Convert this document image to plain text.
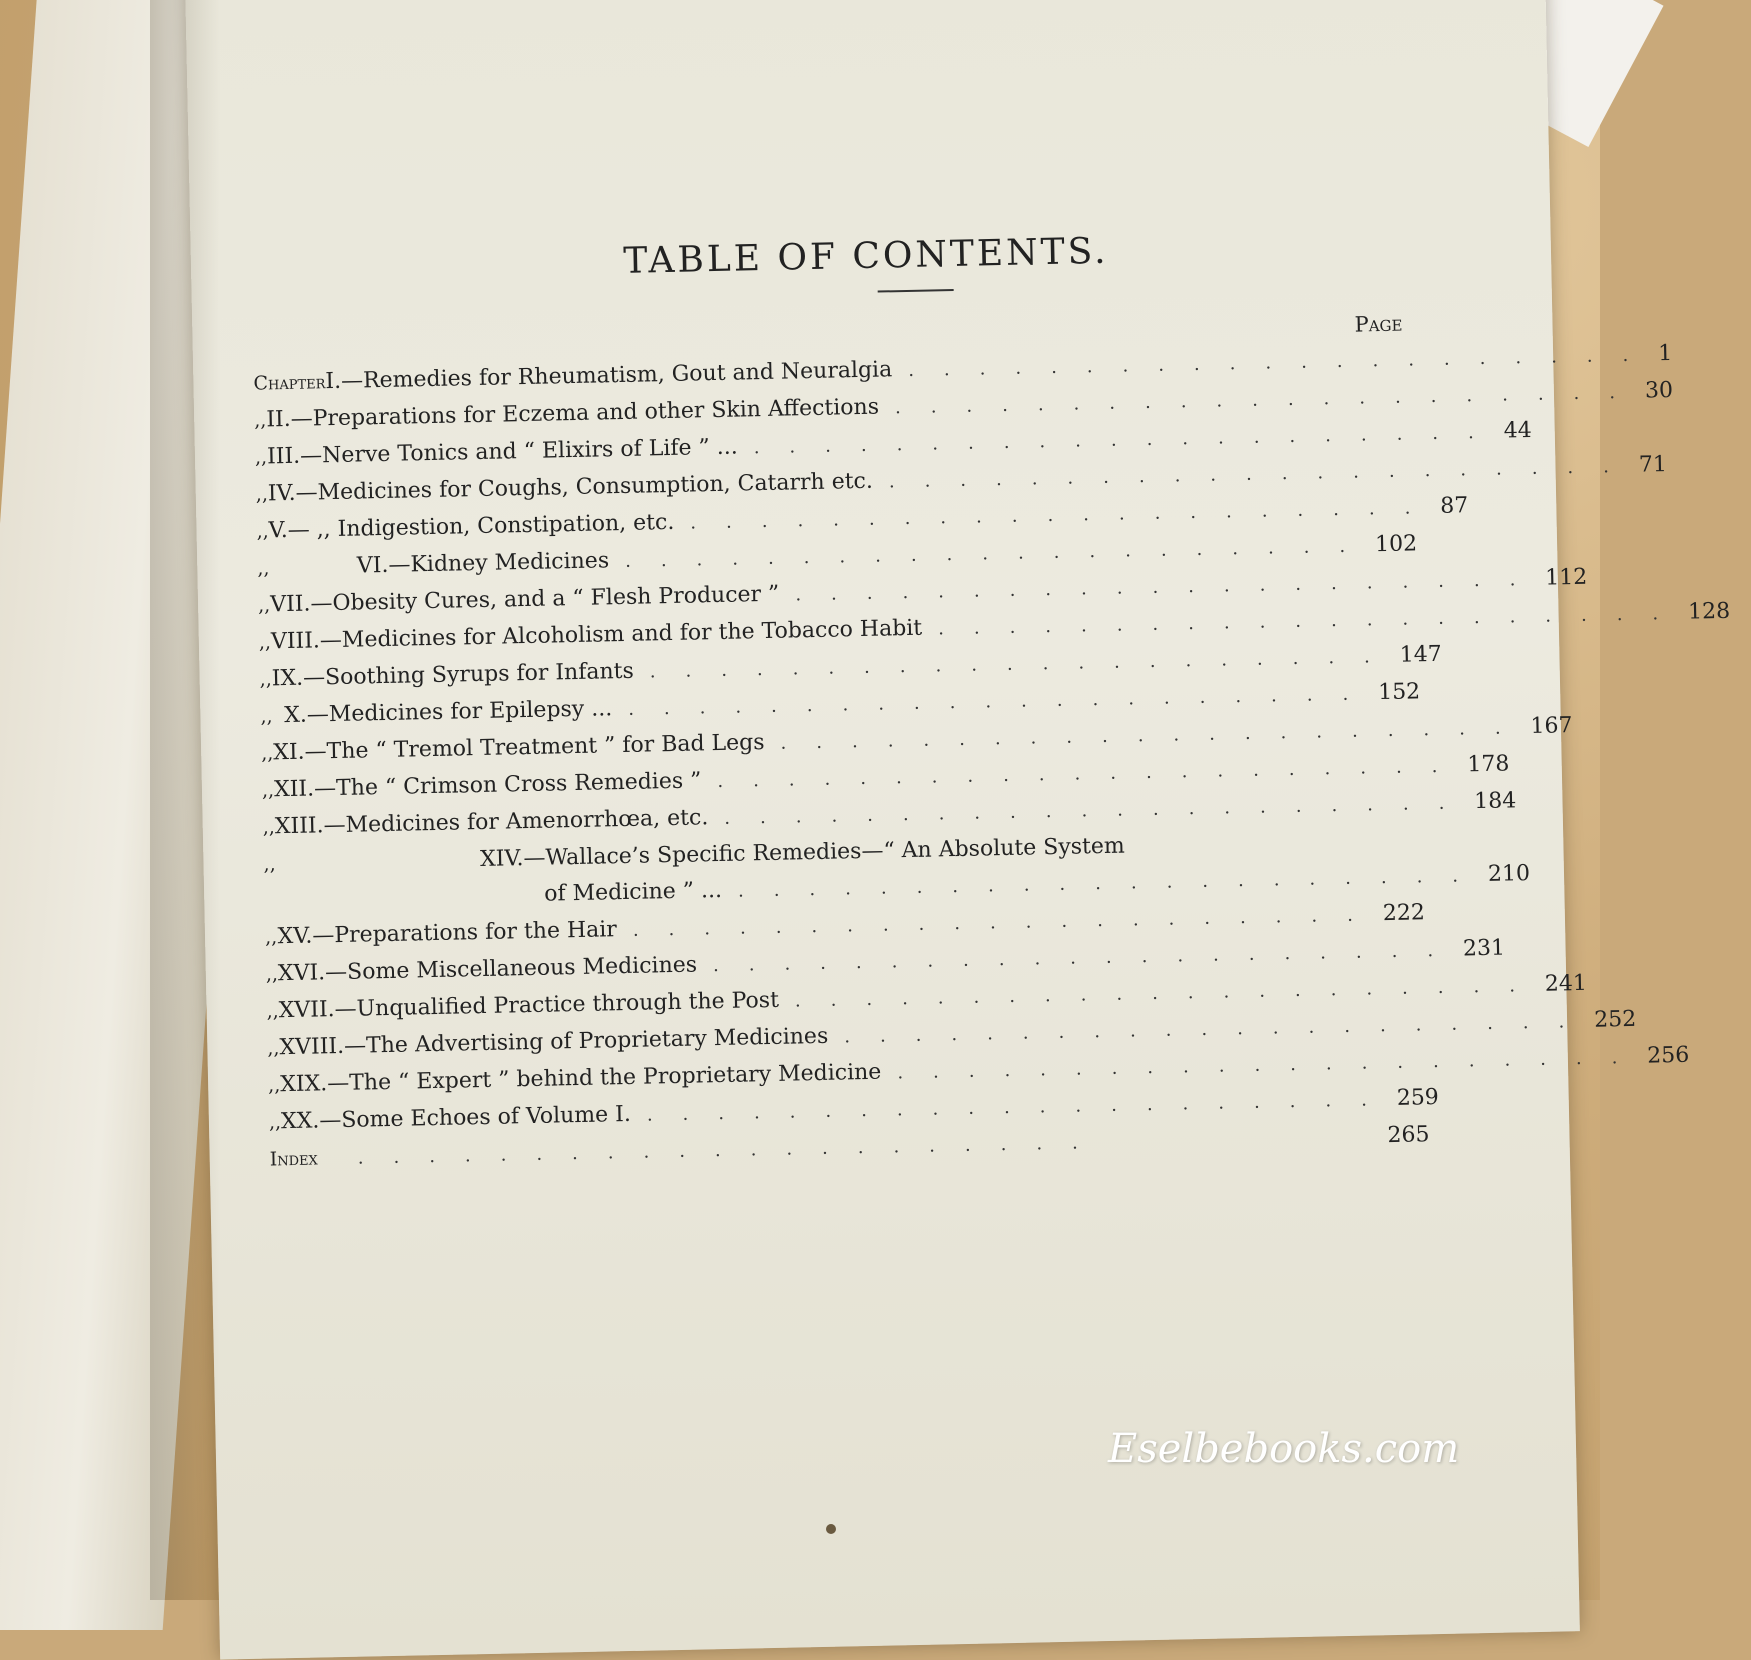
TABLE OF CONTENTS.
Page
Chapter I. —Remedies for Rheumatism, Gout and Neuralgia ..................... 1
,, II. —Preparations for Eczema and other Skin Affections ..................... 30
,, III. —Nerve Tonics and “ Elixirs of Life ” ... ..................... 44
,, IV. —Medicines for Coughs, Consumption, Catarrh etc. ..................... 71
,, V. — ,, Indigestion, Constipation, etc. ..................... 87
,,	VI. —Kidney Medicines ..................... 102
,, VII. —Obesity Cures, and a “ Flesh Producer ” ..................... 112
,, VIII. —Medicines for Alcoholism and for the Tobacco Habit ..................... 128
,, IX. —Soothing Syrups for Infants ..................... 147
,, X. —Medicines for Epilepsy ... ..................... 152
,, XI. —The “ Tremol Treatment ” for Bad Legs ..................... 167
,, XII. —The “ Crimson Cross Remedies ” ..................... 178
,, XIII. —Medicines for Amenorrhœa, etc. ..................... 184
,,	XIV. —Wallace’s Specific Remedies—“ An Absolute System
of Medicine ” ... ..................... 210
,, XV. —Preparations for the Hair ..................... 222
,, XVI. —Some Miscellaneous Medicines ..................... 231
,, XVII. —Unqualified Practice through the Post ..................... 241
,, XVIII. —The Advertising of Proprietary Medicines ..................... 252
,, XIX. —The “ Expert ” behind the Proprietary Medicine ..................... 256
,, XX. —Some Echoes of Volume I. ..................... 259
Index	.....................	265
Eselbebooks.com
